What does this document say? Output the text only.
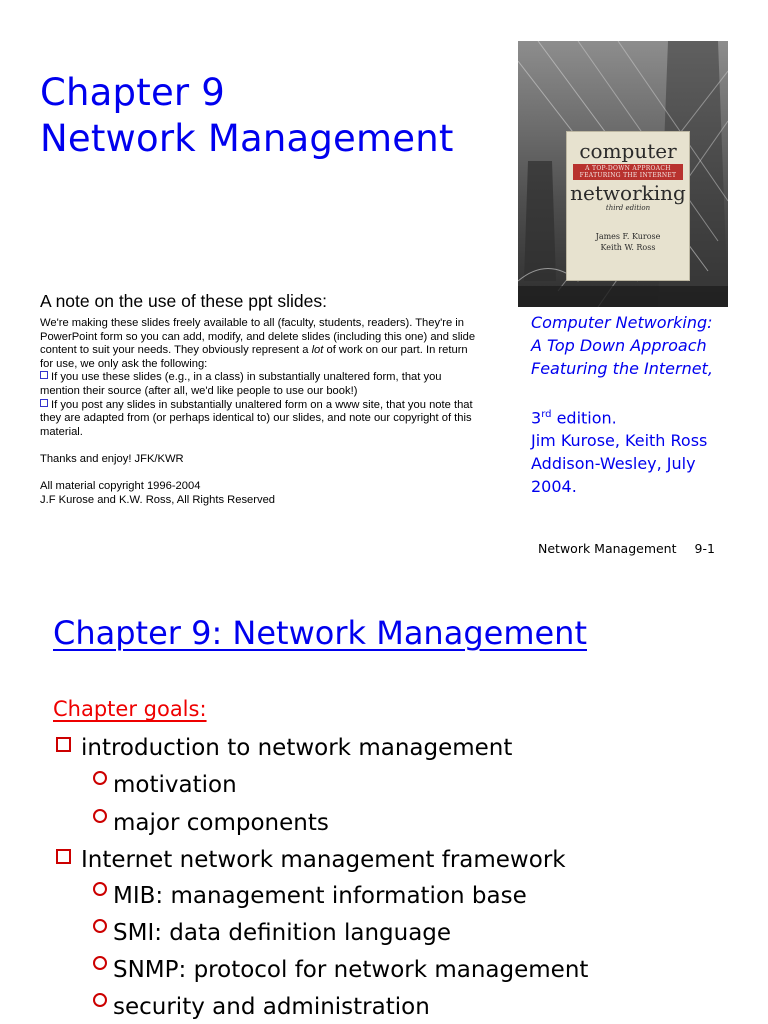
Chapter 9
Network Management	computer
A TOP-DOWN APPROACH
FEATURING THE INTERNET
networking
third edition
James F. Kurose
Keith W. Ross
A note on the use of these ppt slides:

We're making these slides freely available to all (faculty, students, readers). They're in PowerPoint form so you can add, modify, and delete slides (including this one) and slide content to suit your needs. They obviously represent a lot of work on our part. In return for use, we only ask the following:

If you use these slides (e.g., in a class) in substantially unaltered form, that you mention their source (after all, we'd like people to use our book!)

If you post any slides in substantially unaltered form on a www site, that you note that they are adapted from (or perhaps identical to) our slides, and note our copyright of this material.

Thanks and enjoy! JFK/KWR

All material copyright 1996-2004

J.F Kurose and K.W. Ross, All Rights Reserved

Computer Networking:
A Top Down Approach
Featuring the Internet,
3rd edition.
Jim Kurose, Keith Ross
Addison-Wesley, July
2004.
Network Management 9-1
Chapter 9: Network Management
Chapter goals:
introduction to network management
motivation
major components
Internet network management framework
MIB: management information base
SMI: data definition language
SNMP: protocol for network management
security and administration
